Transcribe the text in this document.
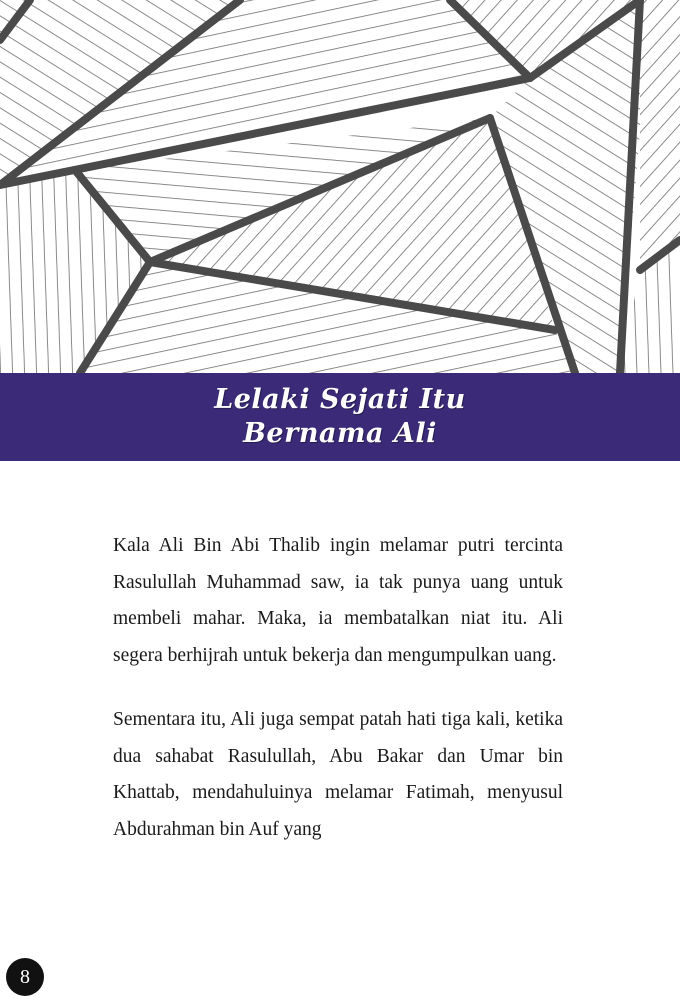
Lelaki Sejati Itu
Bernama Ali

Kala Ali Bin Abi Thalib ingin melamar putri tercinta Rasulullah Muhammad saw, ia tak punya uang untuk membeli mahar. Maka, ia membatalkan niat itu. Ali segera berhijrah untuk bekerja dan mengumpulkan uang.

Sementara itu, Ali juga sempat patah hati tiga kali, ketika dua sahabat Rasulullah, Abu Bakar dan Umar bin Khattab, mendahuluinya melamar Fatimah, menyusul Abdurahman bin Auf yang

8
